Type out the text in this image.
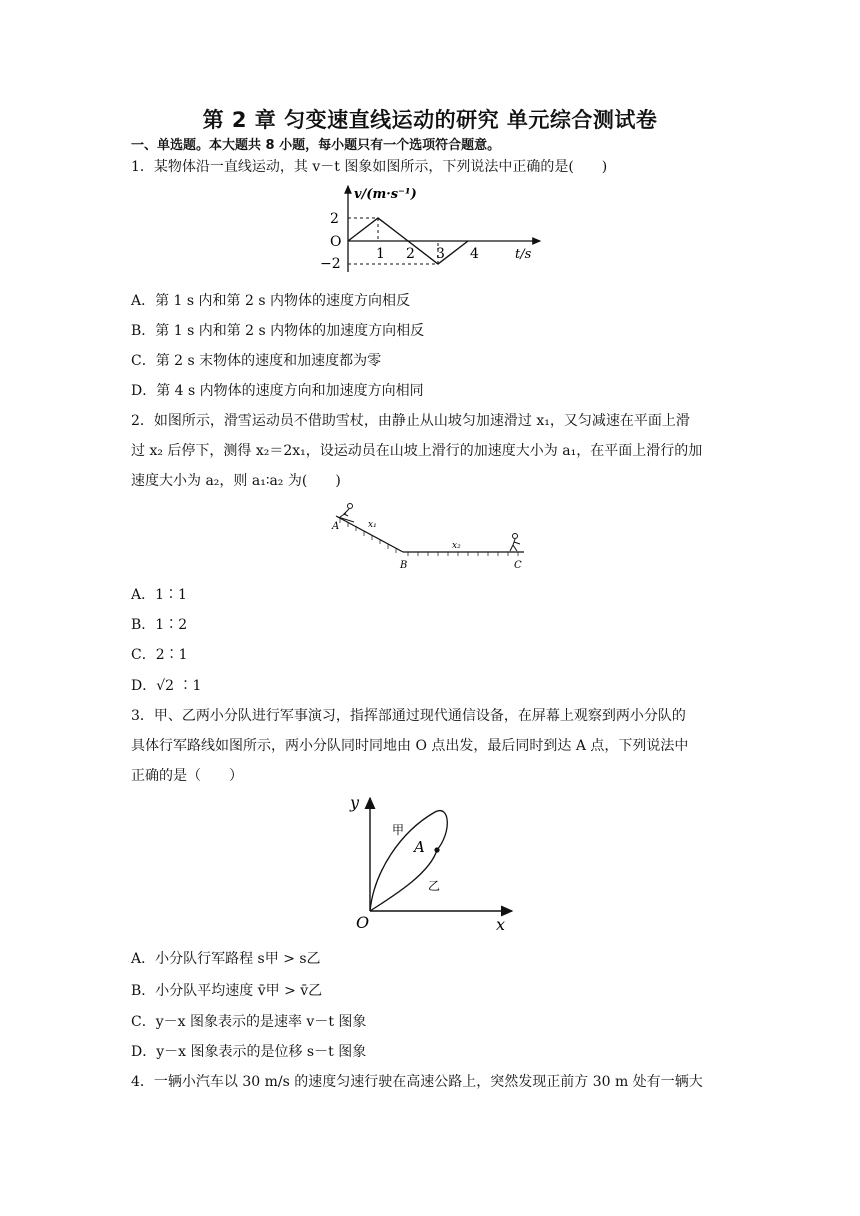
第 2 章 匀变速直线运动的研究 单元综合测试卷
一、单选题。本大题共 8 小题，每小题只有一个选项符合题意。
1．某物体沿一直线运动，其 v－t 图象如图所示，下列说法中正确的是(　　)
v/(m·s⁻¹)
t/s
O
2
−2
1 2 3 4
A．第 1 s 内和第 2 s 内物体的速度方向相反
B．第 1 s 内和第 2 s 内物体的加速度方向相反
C．第 2 s 末物体的速度和加速度都为零
D．第 4 s 内物体的速度方向和加速度方向相同
2．如图所示，滑雪运动员不借助雪杖，由静止从山坡匀加速滑过 x₁，又匀减速在平面上滑
过 x₂ 后停下，测得 x₂＝2x₁，设运动员在山坡上滑行的加速度大小为 a₁，在平面上滑行的加
速度大小为 a₂，则 a₁∶a₂ 为(　　)
A	x₁
B
x₂
C
A．1∶1
B．1∶2
C．2∶1
D．√2 ∶1
3．甲、乙两小分队进行军事演习，指挥部通过现代通信设备，在屏幕上观察到两小分队的
具体行军路线如图所示，两小分队同时同地由 O 点出发，最后同时到达 A 点，下列说法中
正确的是（　　）
y
x
O
A
甲
乙
A．小分队行军路程 s甲 > s乙
B．小分队平均速度 v̄甲 > v̄乙
C．y－x 图象表示的是速率 v－t 图象
D．y－x 图象表示的是位移 s－t 图象
4．一辆小汽车以 30 m/s 的速度匀速行驶在高速公路上，突然发现正前方 30 m 处有一辆大
